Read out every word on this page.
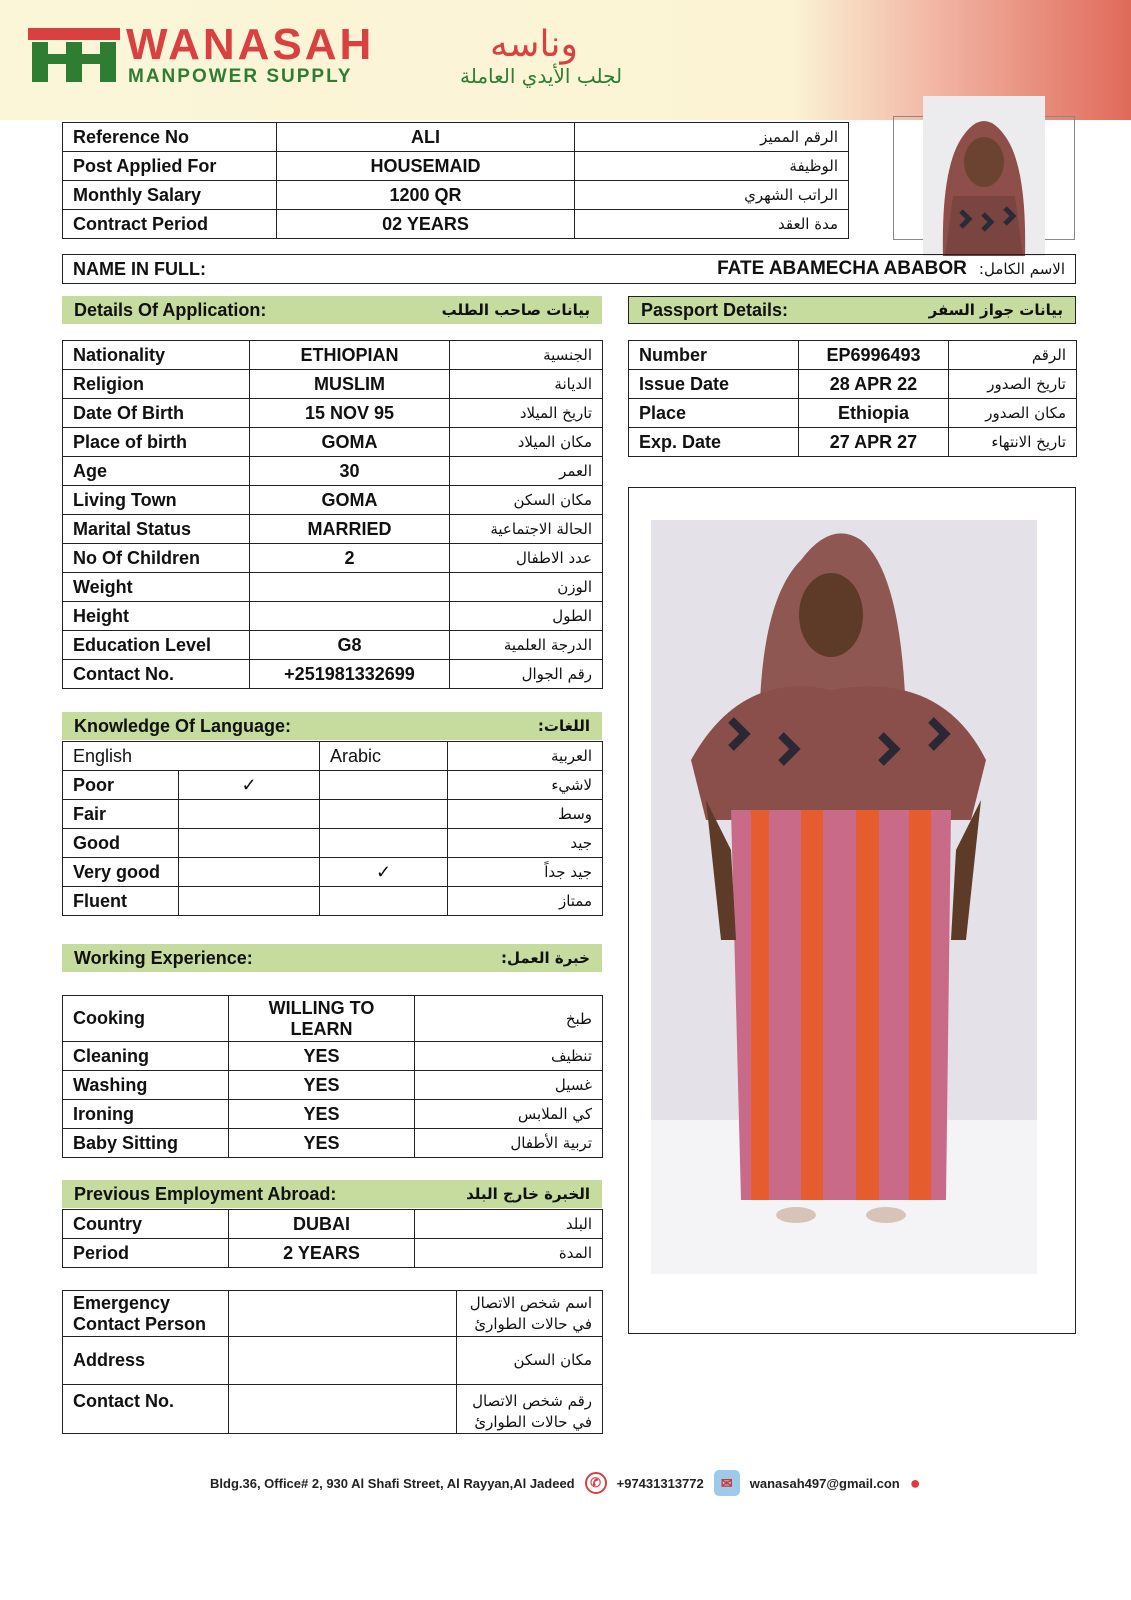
WANASAH	وناسه
MANPOWER SUPPLY	لجلب الأيدي العاملة
Reference No	ALI	الرقم المميز
Post Applied For	HOUSEMAID	الوظيفة
Monthly Salary	1200 QR	الراتب الشهري
Contract Period	02 YEARS	مدة العقد
NAME IN FULL:	FATE ABAMECHA ABABOR الاسم الكامل:
Details Of Application:	بيانات صاحب الطلب
Nationality	ETHIOPIAN	الجنسية
Religion	MUSLIM	الديانة
Date Of Birth	15 NOV 95	تاريخ الميلاد
Place of birth	GOMA	مكان الميلاد
Age	30	العمر
Living Town	GOMA	مكان السكن
Marital Status	MARRIED	الحالة الاجتماعية
No Of Children	2	عدد الاطفال
Weight		الوزن
Height		الطول
Education Level	G8	الدرجة العلمية
Contact No.	+251981332699	رقم الجوال
Passport Details:	بيانات جواز السفر
Number	EP6996493	الرقم
Issue Date	28 APR 22	تاريخ الصدور
Place	Ethiopia	مكان الصدور
Exp. Date	27 APR 27	تاريخ الانتهاء
Knowledge Of Language:	اللغات:
English		Arabic	العربية
Poor	✓		لاشيء
Fair			وسط
Good			جيد
Very good		✓	جيد جداً
Fluent			ممتاز
Working Experience:	خبرة العمل:
Cooking	WILLING TO LEARN	طبخ
Cleaning	YES	تنظيف
Washing	YES	غسيل
Ironing	YES	كي الملابس
Baby Sitting	YES	تربية الأطفال
Previous Employment Abroad:	الخبرة خارج البلد
Country	DUBAI	البلد
Period	2 YEARS	المدة
Emergency Contact Person		اسم شخص الاتصال في حالات الطوارئ
Address		مكان السكن
Contact No.		رقم شخص الاتصال في حالات الطوارئ
Bldg.36, Office# 2, 930 Al Shafi Street, Al Rayyan,Al Jadeed	✆	+97431313772	✉	wanasah497@gmail.con ●
